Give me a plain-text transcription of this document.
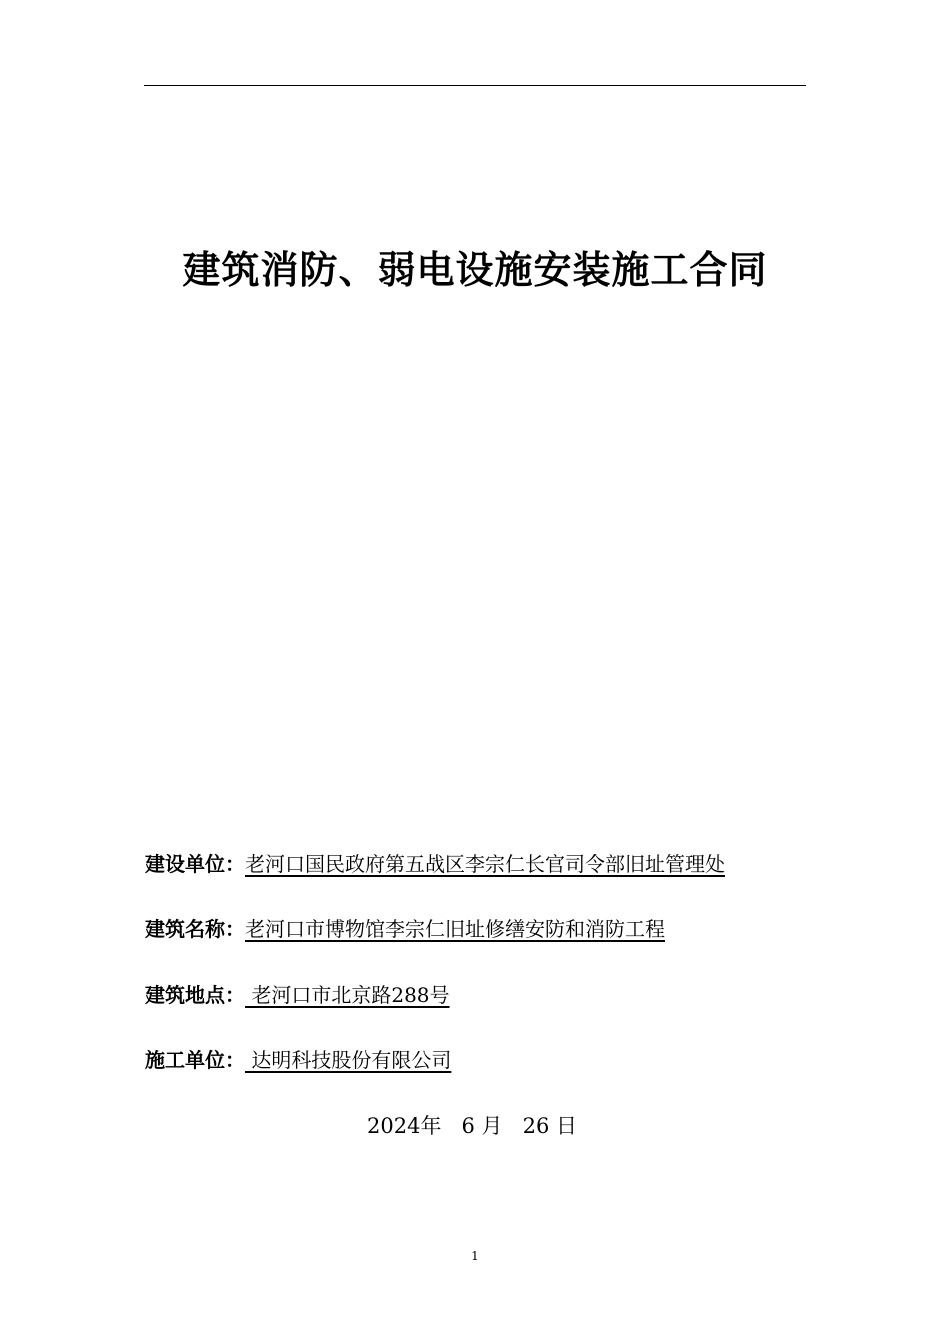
建筑消防、弱电设施安装施工合同
建设单位：老河口国民政府第五战区李宗仁长官司令部旧址管理处
建筑名称：老河口市博物馆李宗仁旧址修缮安防和消防工程
建筑地点： 老河口市北京路288号
施工单位： 达明科技股份有限公司
2024年 6 月 26 日
1
